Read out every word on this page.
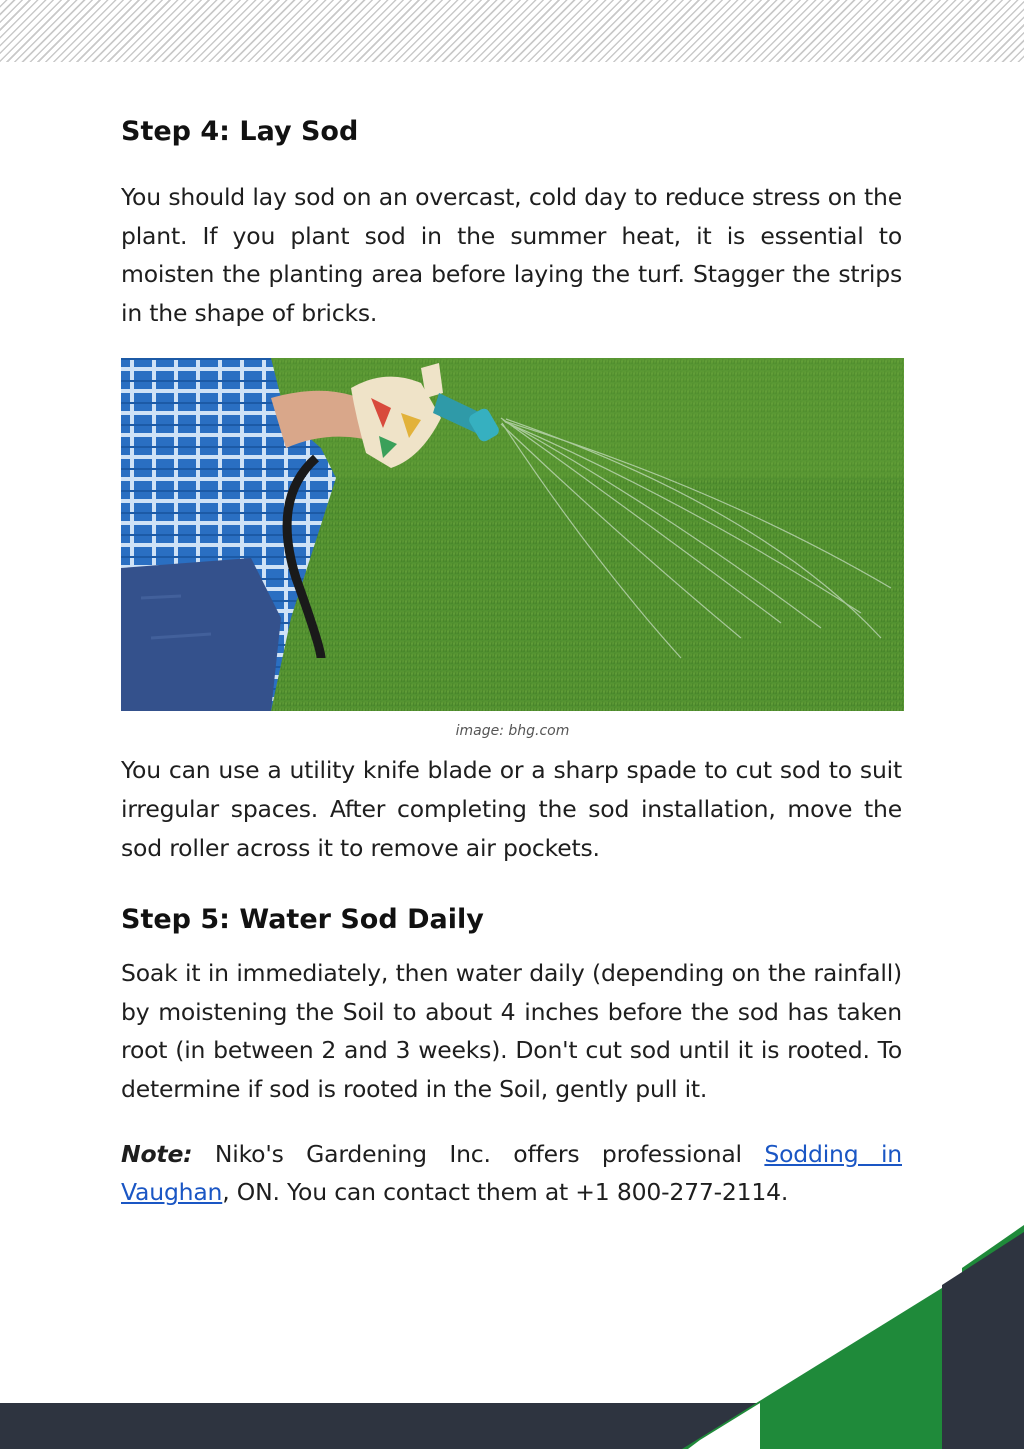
Step 4: Lay Sod

You should lay sod on an overcast, cold day to reduce stress on the plant. If you plant sod in the summer heat, it is essential to moisten the planting area before laying the turf. Stagger the strips in the shape of bricks.

image: bhg.com

You can use a utility knife blade or a sharp spade to cut sod to suit irregular spaces. After completing the sod installation, move the sod roller across it to remove air pockets.

Step 5: Water Sod Daily

Soak it in immediately, then water daily (depending on the rainfall) by moistening the Soil to about 4 inches before the sod has taken root (in between 2 and 3 weeks). Don't cut sod until it is rooted. To determine if sod is rooted in the Soil, gently pull it.

Note: Niko's Gardening Inc. offers professional Sodding in Vaughan, ON. You can contact them at +1 800-277-2114.
